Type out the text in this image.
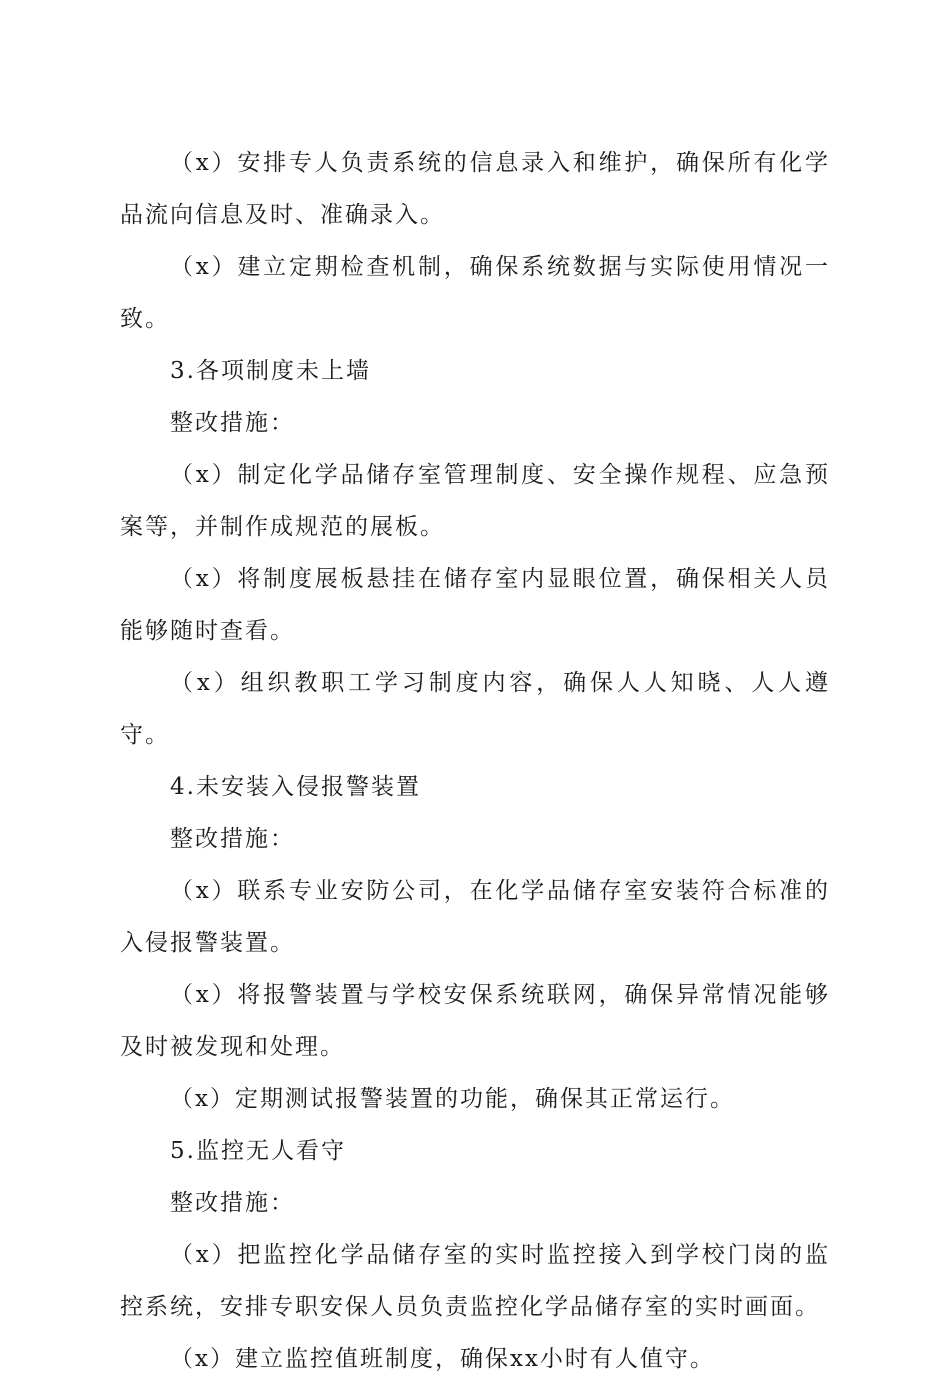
（x）安排专人负责系统的信息录入和维护，确保所有化学品流向信息及时、准确录入。

（x）建立定期检查机制，确保系统数据与实际使用情况一致。

3.各项制度未上墙

整改措施：

（x）制定化学品储存室管理制度、安全操作规程、应急预案等，并制作成规范的展板。

（x）将制度展板悬挂在储存室内显眼位置，确保相关人员能够随时查看。

（x）组织教职工学习制度内容，确保人人知晓、人人遵守。

4.未安装入侵报警装置

整改措施：

（x）联系专业安防公司，在化学品储存室安装符合标准的入侵报警装置。

（x）将报警装置与学校安保系统联网，确保异常情况能够及时被发现和处理。

（x）定期测试报警装置的功能，确保其正常运行。

5.监控无人看守

整改措施：

（x）把监控化学品储存室的实时监控接入到学校门岗的监控系统，安排专职安保人员负责监控化学品储存室的实时画面。

（x）建立监控值班制度，确保xx小时有人值守。
